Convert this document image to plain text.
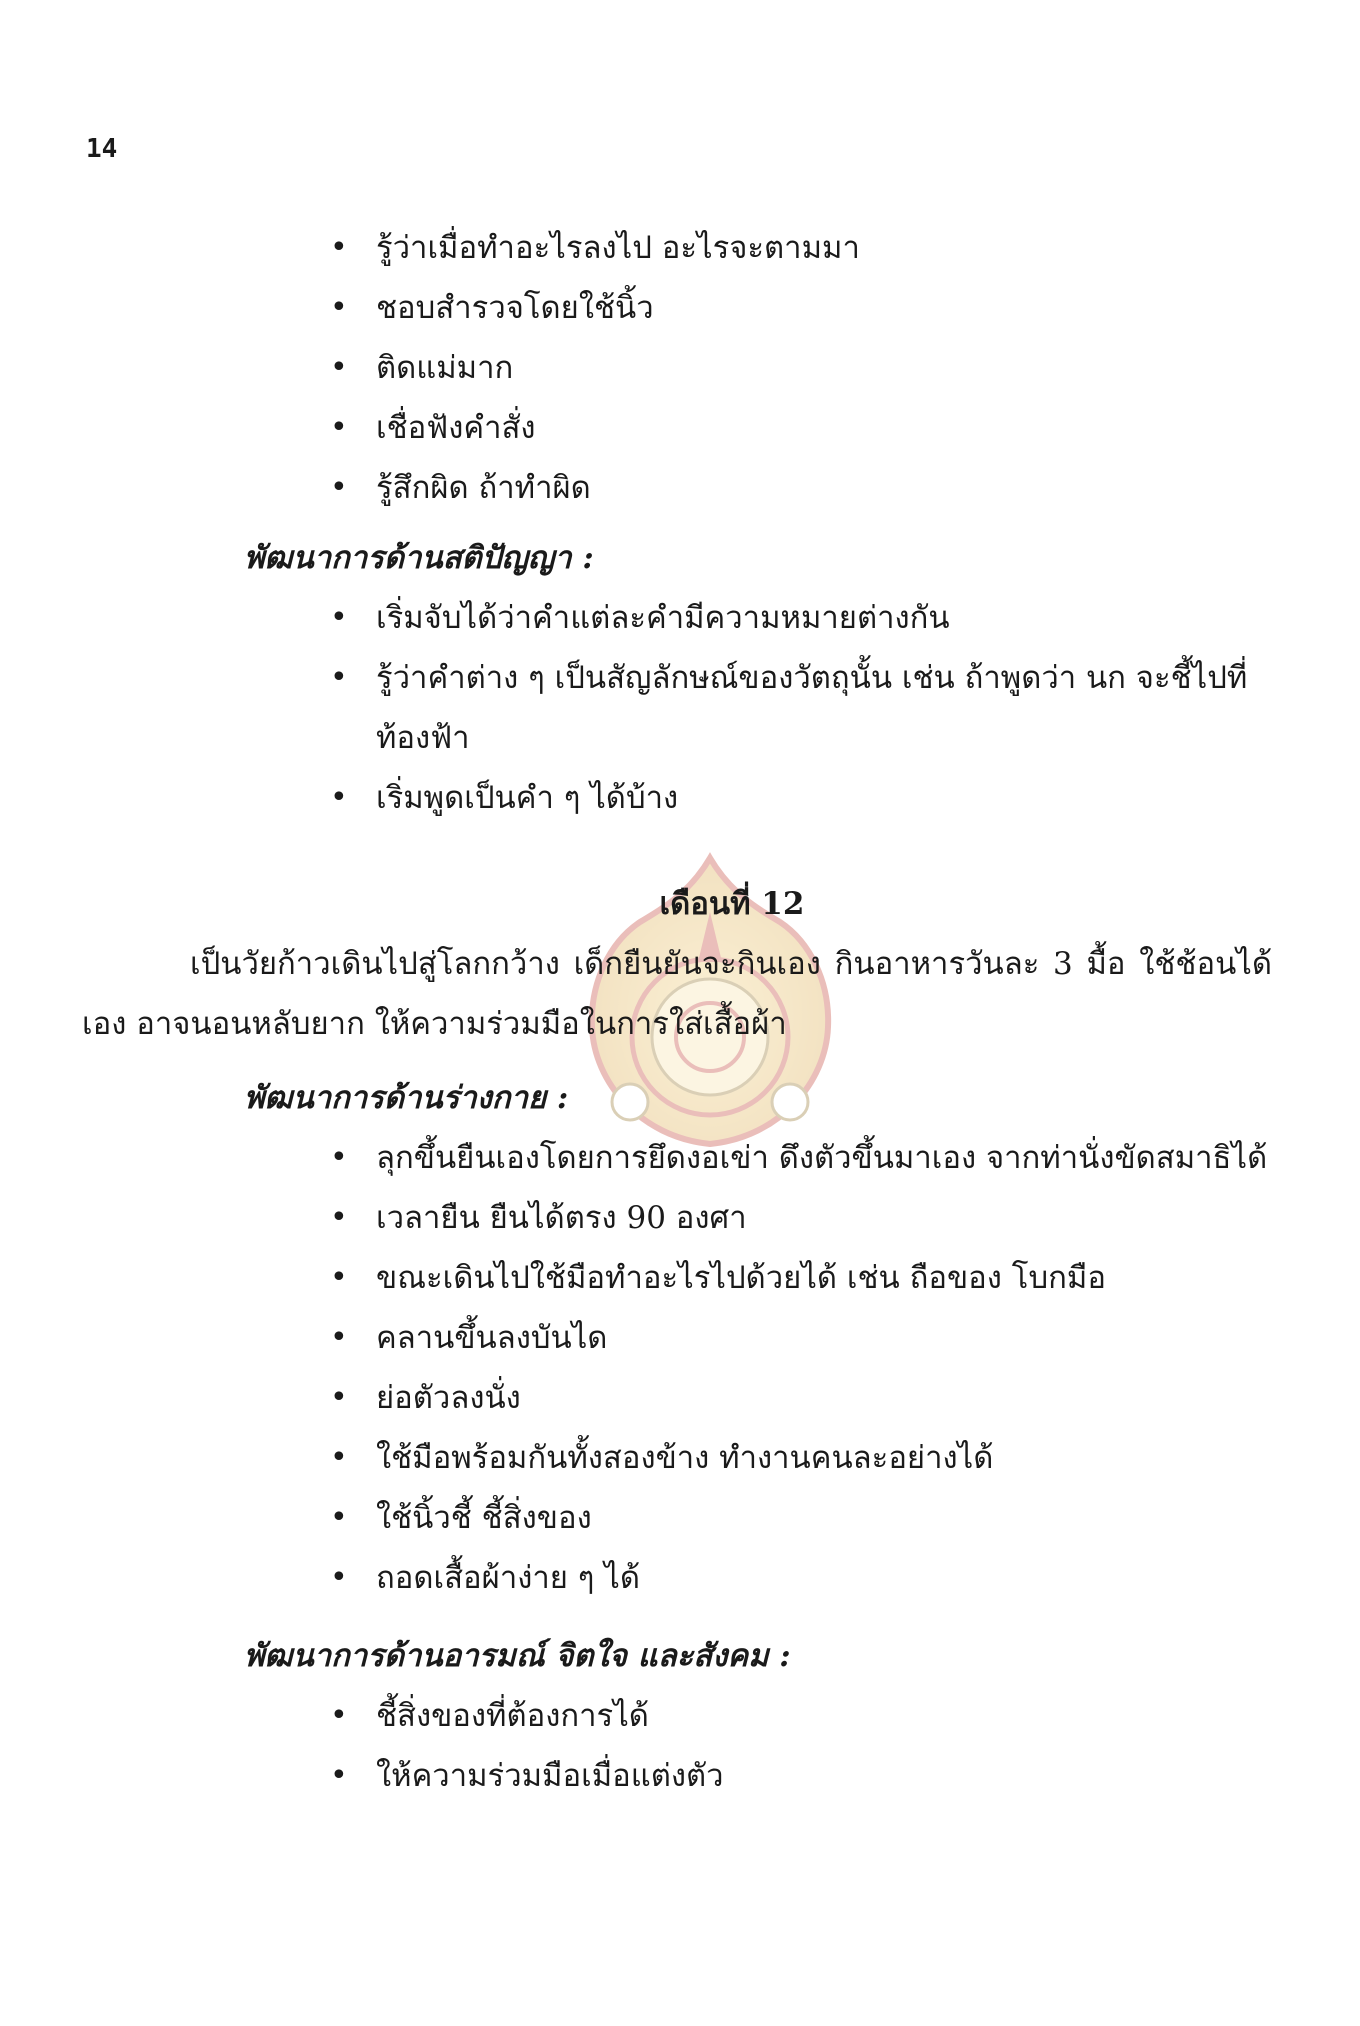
14
• รู้ว่าเมื่อทำอะไรลงไป อะไรจะตามมา
• ชอบสำรวจโดยใช้นิ้ว
• ติดแม่มาก
• เชื่อฟังคำสั่ง
• รู้สึกผิด ถ้าทำผิด
พัฒนาการด้านสติปัญญา :
• เริ่มจับได้ว่าคำแต่ละคำมีความหมายต่างกัน
• รู้ว่าคำต่าง ๆ เป็นสัญลักษณ์ของวัตถุนั้น เช่น ถ้าพูดว่า นก จะชี้ไปที่ท้องฟ้า
• เริ่มพูดเป็นคำ ๆ ได้บ้าง
เดือนที่ 12
เป็นวัยก้าวเดินไปสู่โลกกว้าง เด็กยืนยันจะกินเอง กินอาหารวันละ 3 มื้อ ใช้ช้อนได้เอง อาจนอนหลับยาก ให้ความร่วมมือในการใส่เสื้อผ้า
พัฒนาการด้านร่างกาย :
• ลุกขึ้นยืนเองโดยการยึดงอเข่า ดึงตัวขึ้นมาเอง จากท่านั่งขัดสมาธิได้
• เวลายืน ยืนได้ตรง 90 องศา
• ขณะเดินไปใช้มือทำอะไรไปด้วยได้ เช่น ถือของ โบกมือ
• คลานขึ้นลงบันได
• ย่อตัวลงนั่ง
• ใช้มือพร้อมกันทั้งสองข้าง ทำงานคนละอย่างได้
• ใช้นิ้วชี้ ชี้สิ่งของ
• ถอดเสื้อผ้าง่าย ๆ ได้
พัฒนาการด้านอารมณ์ จิตใจ และสังคม :
• ชี้สิ่งของที่ต้องการได้
• ให้ความร่วมมือเมื่อแต่งตัว
